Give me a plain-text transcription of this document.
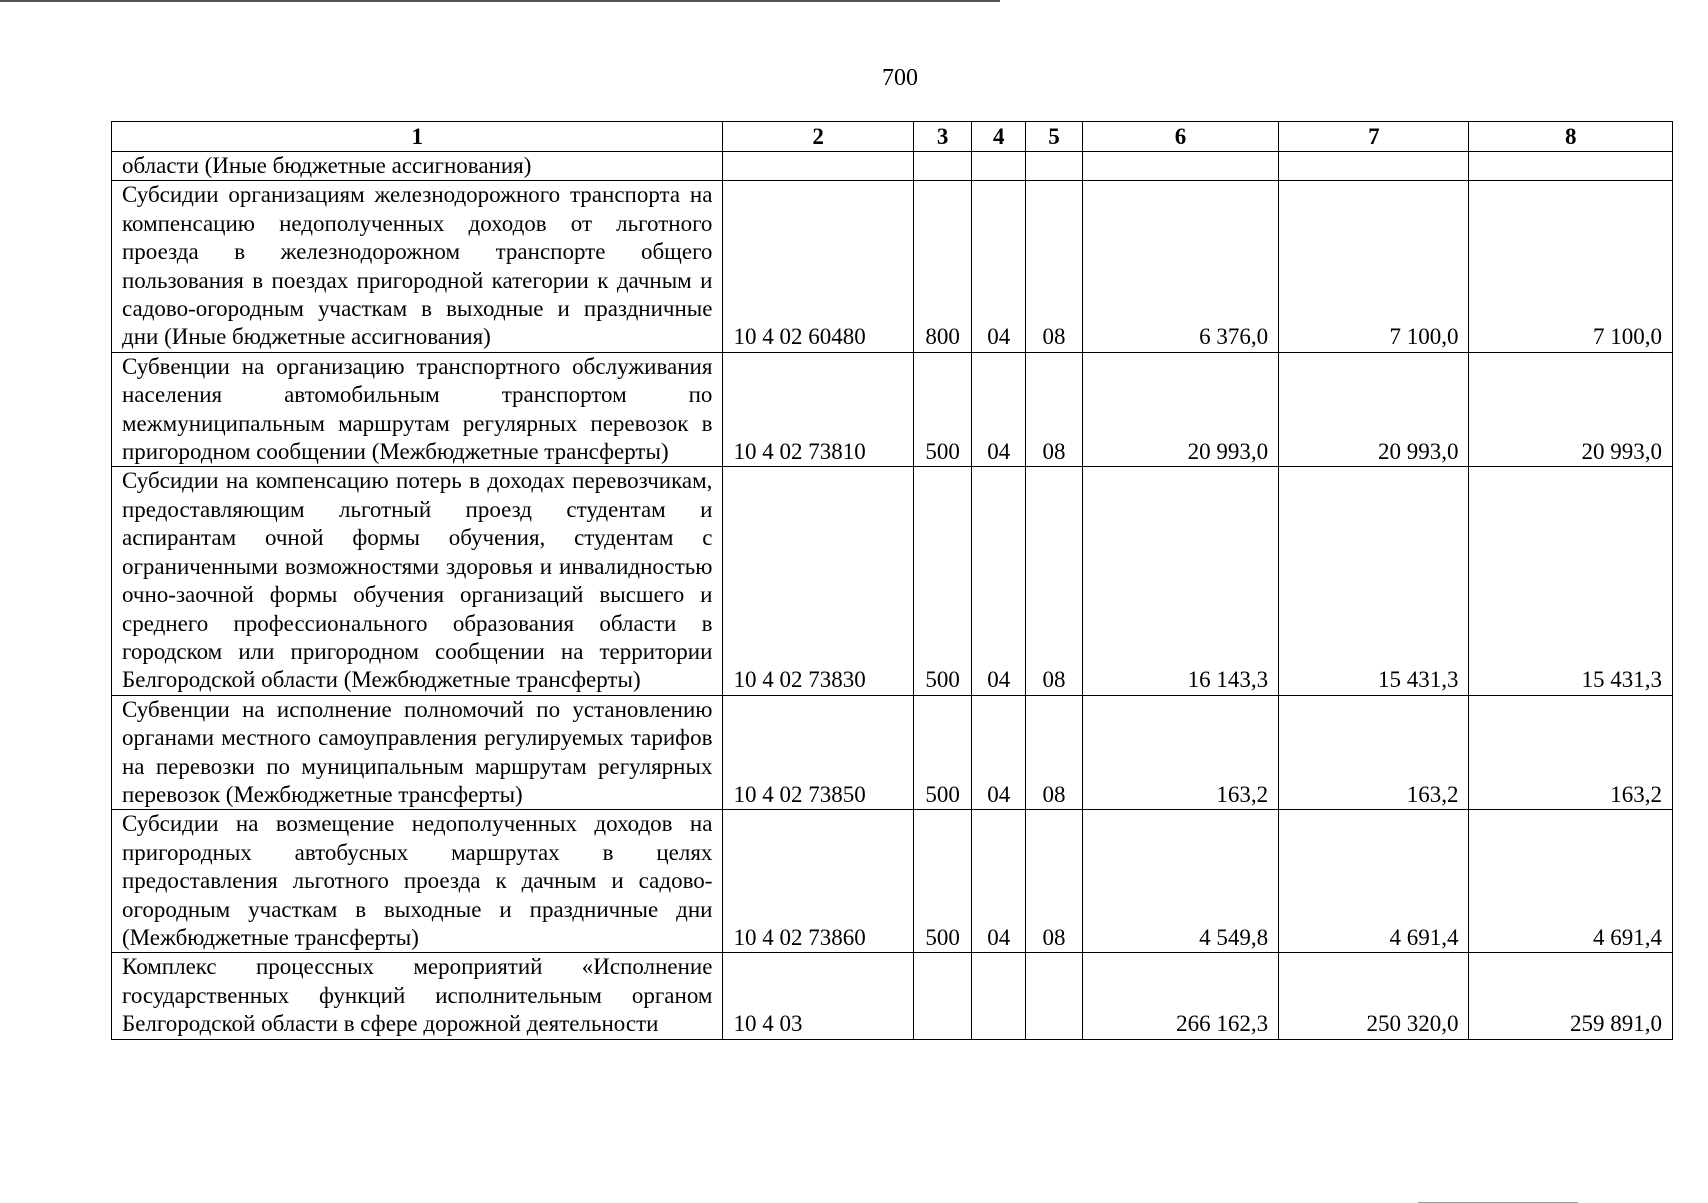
700
1	2	3	4	5	6	7	8
области (Иные бюджетные ассигнования)							
Субсидии организациям железнодорожного транспорта на компенсацию недополученных доходов от льготного проезда в железнодорожном транспорте общего пользования в поездах пригородной категории к дачным и садово-огородным участкам в выходные и праздничные дни (Иные бюджетные ассигнования)	10 4 02 60480	800	04	08	6 376,0	7 100,0	7 100,0
Субвенции на организацию транспортного обслуживания населения автомобильным транспортом по межмуниципальным маршрутам регулярных перевозок в пригородном сообщении (Межбюджетные трансферты)	10 4 02 73810	500	04	08	20 993,0	20 993,0	20 993,0
Субсидии на компенсацию потерь в доходах перевозчикам, предоставляющим льготный проезд студентам и аспирантам очной формы обучения, студентам с ограниченными возможностями здоровья и инвалидностью очно-заочной формы обучения организаций высшего и среднего профессионального образования области в городском или пригородном сообщении на территории Белгородской области (Межбюджетные трансферты)	10 4 02 73830	500	04	08	16 143,3	15 431,3	15 431,3
Субвенции на исполнение полномочий по установлению органами местного самоуправления регулируемых тарифов на перевозки по муниципальным маршрутам регулярных перевозок (Межбюджетные трансферты)	10 4 02 73850	500	04	08	163,2	163,2	163,2
Субсидии на возмещение недополученных доходов на пригородных автобусных маршрутах в целях предоставления льготного проезда к дачным и садово-огородным участкам в выходные и праздничные дни (Межбюджетные трансферты)	10 4 02 73860	500	04	08	4 549,8	4 691,4	4 691,4
Комплекс процессных мероприятий «Исполнение государственных функций исполнительным органом Белгородской области в сфере дорожной деятельности	10 4 03				266 162,3	250 320,0	259 891,0
